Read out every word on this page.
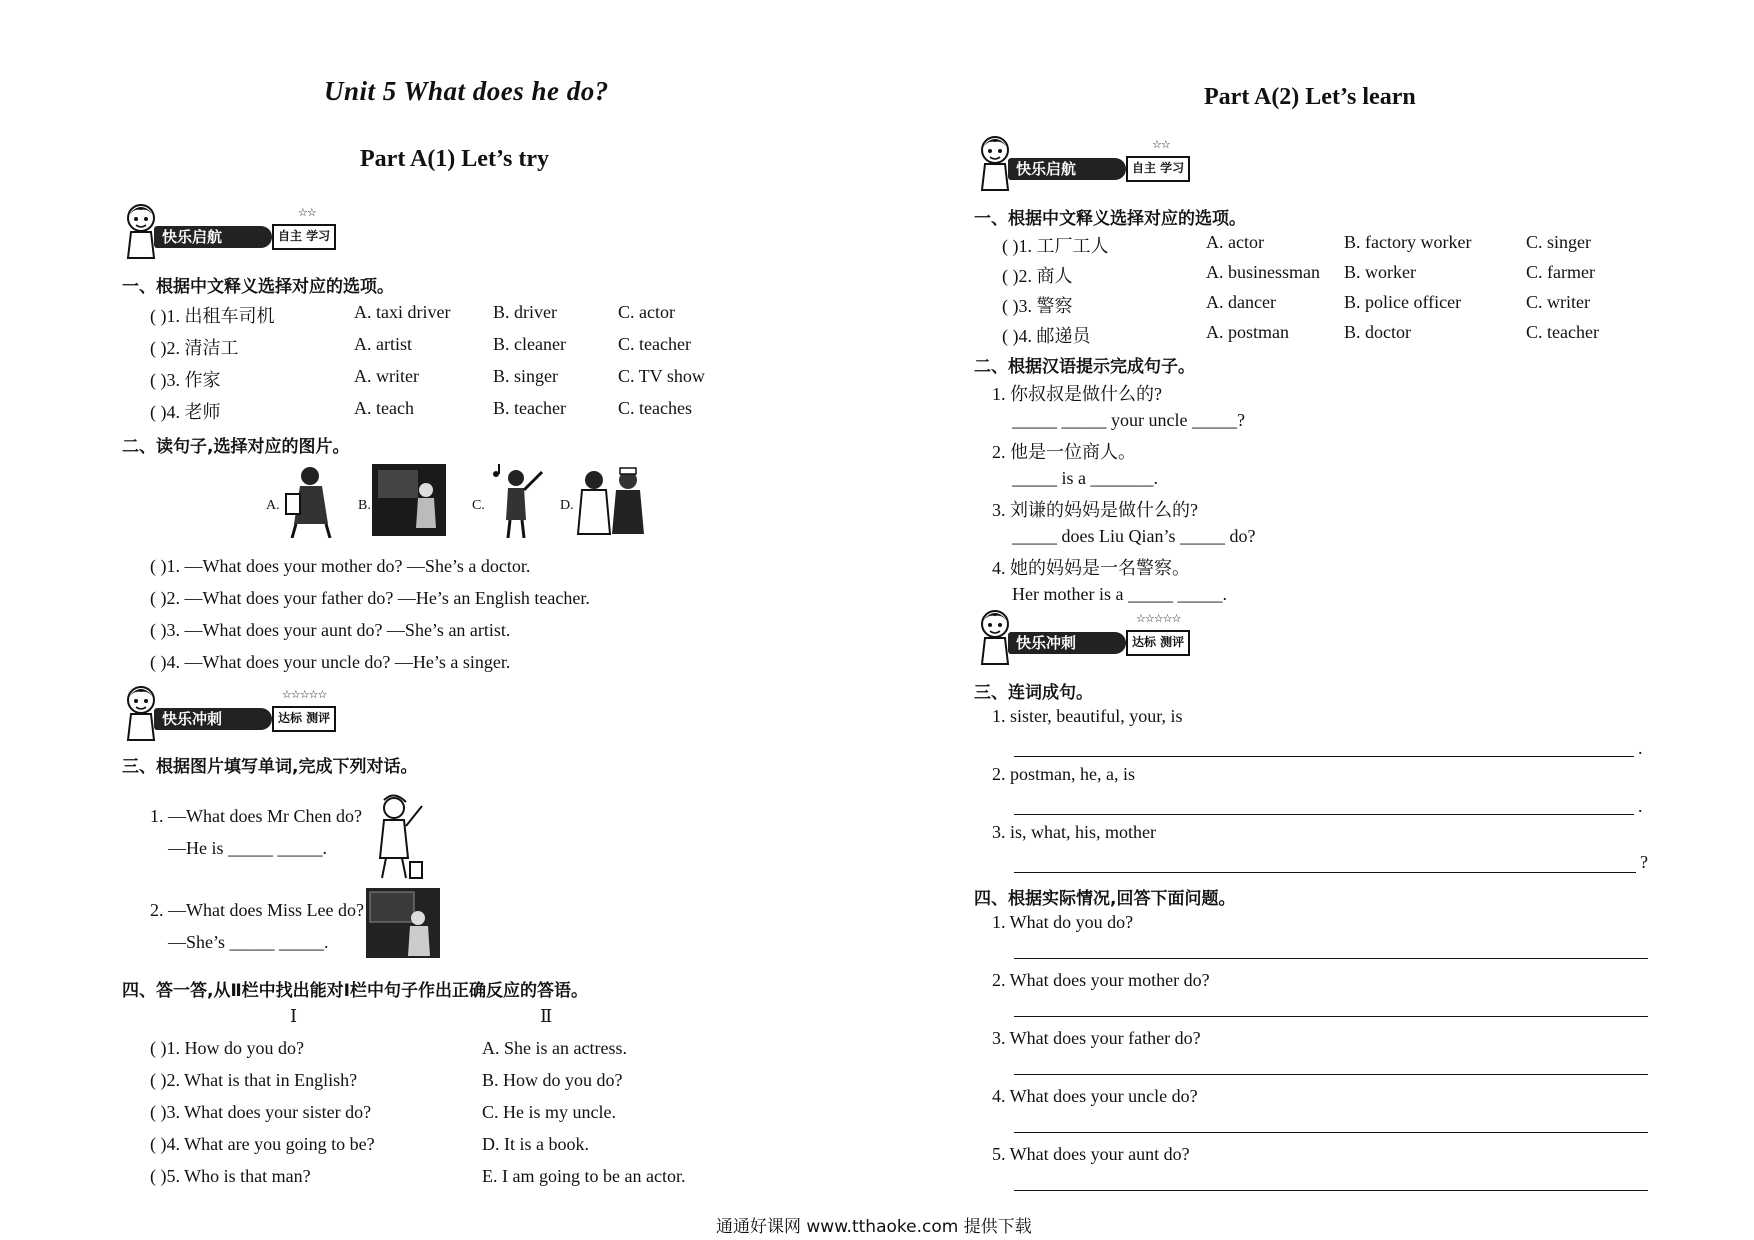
Unit 5 What does he do?
Part A(1) Let’s try
快乐启航
☆☆
自主 学习
一、根据中文释义选择对应的选项。
( )1. 出租车司机	A. taxi driver B. driver	C. actor
( )2. 清洁工	A. artist	B. cleaner	C. teacher
( )3. 作家	A. writer	B. singer	C. TV show
( )4. 老师	A. teach	B. teacher	C. teaches
二、读句子,选择对应的图片。
A.	B.	C.	D.
( )1. —What does your mother do? —She’s a doctor.
( )2. —What does your father do? —He’s an English teacher.
( )3. —What does your aunt do? —She’s an artist.
( )4. —What does your uncle do? —He’s a singer.
快乐冲刺
☆☆☆☆☆
达标 测评
三、根据图片填写单词,完成下列对话。
1. —What does Mr Chen do?
—He is _____ _____.
2. —What does Miss Lee do?
—She’s _____ _____.
四、答一答,从Ⅱ栏中找出能对Ⅰ栏中句子作出正确反应的答语。
Ⅰ	Ⅱ
( )1. How do you do?	A. She is an actress.
( )2. What is that in English?	B. How do you do?
( )3. What does your sister do?	C. He is my uncle.
( )4. What are you going to be?	D. It is a book.
( )5. Who is that man?	E. I am going to be an actor.
Part A(2) Let’s learn
快乐启航
☆☆
自主 学习
一、根据中文释义选择对应的选项。
( )1. 工厂工人	A. actor	B. factory worker	C. singer
( )2. 商人	A. businessman B. worker	C. farmer
( )3. 警察	A. dancer	B. police officer	C. writer
( )4. 邮递员	A. postman	B. doctor	C. teacher
二、根据汉语提示完成句子。
1. 你叔叔是做什么的?
_____ _____ your uncle _____?
2. 他是一位商人。
_____ is a _______.
3. 刘谦的妈妈是做什么的?
_____ does Liu Qian’s _____ do?
4. 她的妈妈是一名警察。
Her mother is a _____ _____.
快乐冲刺
☆☆☆☆☆
达标 测评
三、连词成句。
1. sister, beautiful, your, is
.
2. postman, he, a, is
.
3. is, what, his, mother
?
四、根据实际情况,回答下面问题。
1. What do you do?
2. What does your mother do?
3. What does your father do?
4. What does your uncle do?
5. What does your aunt do?
通通好课网 www.tthaoke.com 提供下载
